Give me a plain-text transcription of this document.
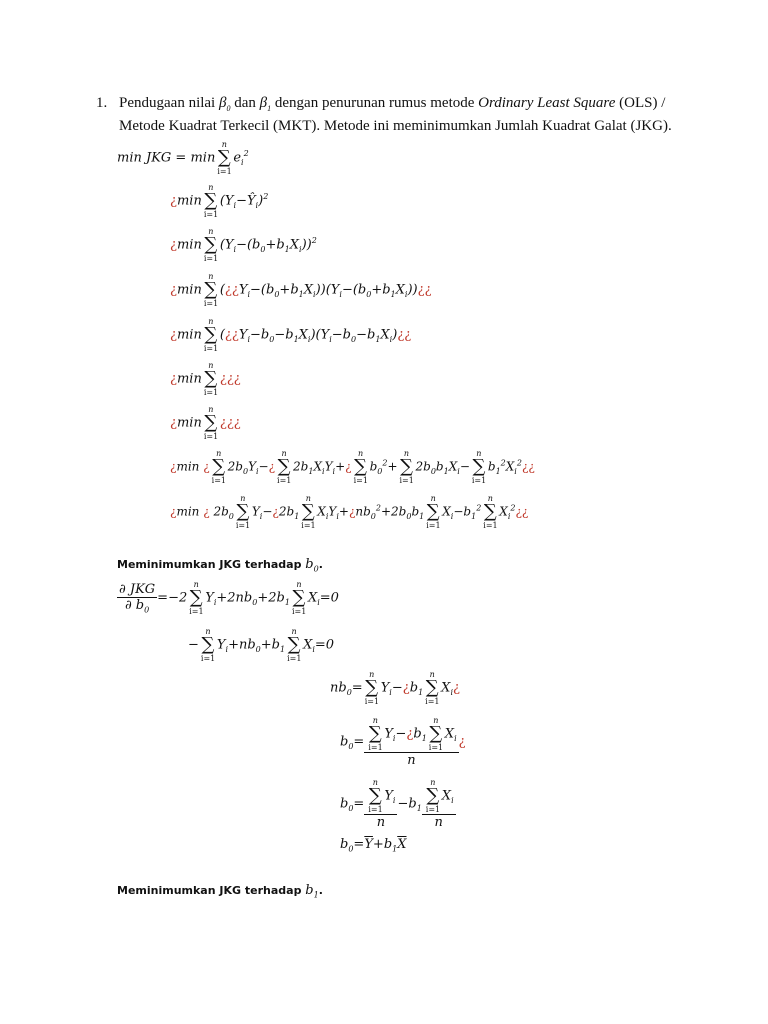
1. Pendugaan nilai $\beta_0$ dan $\beta_1$ dengan penurunan rumus metode Ordinary Least Square (OLS) /
Metode Kuadrat Terkecil (MKT). Metode ini meminimumkan Jumlah Kuadrat Galat (JKG).
min JKG = min
n
∑
i=1
$e_i^2$
¿min
n
∑
i=1
$(Y_i-Ŷ_i)^2$
¿min
n
∑
i=1
$(Y_i-(b_0+b_1X_i))^2$
¿min
n
∑
i=1
$(¿¿Y_i-(b_0+b_1X_i))(Y_i-(b_0+b_1X_i))¿¿$
¿min
n
∑
i=1
$(¿¿Y_i-b_0-b_1X_i)(Y_i-b_0-b_1X_i)¿¿$
¿min
n
∑
i=1
¿¿¿
¿min
n
∑
i=1
¿¿¿
¿min ¿
n
∑
i=1
$2b_0Y_i-¿$
n
∑
i=1
$2b_1X_iY_i+¿$
n
∑
i=1
$b_0^2+$
n
∑
i=1
$2b_0b_1X_i-$
n
∑
i=1
$b_1^2X_i^2¿¿$
¿min ¿ $2b_0$
n
∑
i=1
$Y_i-¿2b_1$
n
∑
i=1
$X_iY_i+¿nb_0^2+2b_0b_1$
n
∑
i=1
$X_i-b_1^2$
n
∑
i=1
$X_i^2¿¿$
Meminimumkan JKG terhadap $b_0$.
$\frac{\text{∂ JKG}}{\partial b_0} =-2$
n
∑
i=1
$Y_i+2nb_0+2b_1$
n
∑
i=1
$X_i=0$
−
n
∑
i=1
$Y_i+nb_0+b_1$
n
∑
i=1
$X_i=0$
$nb_0=$
n
∑
i=1
$Y_i-¿b_1$
n
∑
i=1
$X_i¿$
$b_0= n$
∑
i=1
$Y_i-¿b_1$
n
∑
i=1
$X_i$
n ¿
$b_0= n$
∑
i=1
$Y_i$
$n -b_1$ n
∑
i=1
$X_i$
n
$b_0=\overline{Y}+b_1\overline{X}$
Meminimumkan JKG terhadap $b_1$.
